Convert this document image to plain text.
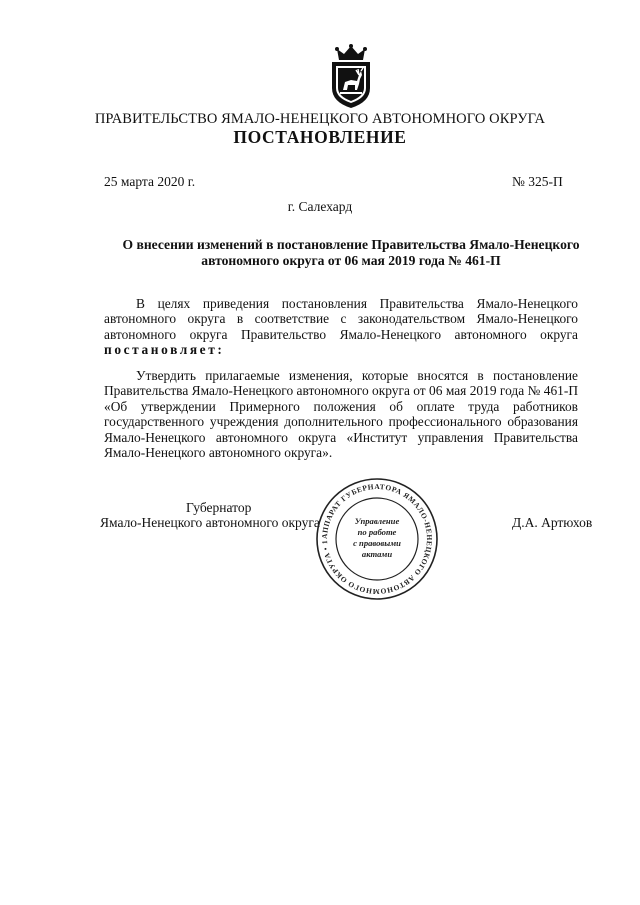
ПРАВИТЕЛЬСТВО ЯМАЛО-НЕНЕЦКОГО АВТОНОМНОГО ОКРУГА
ПОСТАНОВЛЕНИЕ
25 марта 2020 г.	№ 325-П
г. Салехард
О внесении изменений в постановление Правительства Ямало-Ненецкого автономного округа от 06 мая 2019 года № 461-П
В целях приведения постановления Правительства Ямало-Ненецкого автономного округа в соответствие с законодательством Ямало-Ненецкого автономного округа Правительство Ямало-Ненецкого автономного округа постановляет:
Утвердить прилагаемые изменения, которые вносятся в постановление Правительства Ямало-Ненецкого автономного округа от 06 мая 2019 года № 461-П «Об утверждении Примерного положения об оплате труда работников государственного учреждения дополнительного профессионального образования Ямало-Ненецкого автономного округа «Институт управления Правительства Ямало-Ненецкого автономного округа».
Губернатор
Ямало-Ненецкого автономного округа	Д.А. Артюхов
АППАРАТ ГУБЕРНАТОРА ЯМАЛО-НЕНЕЦКОГО АВТОНОМНОГО ОКРУГА • 1
Управление
по работе
с правовыми
актами
